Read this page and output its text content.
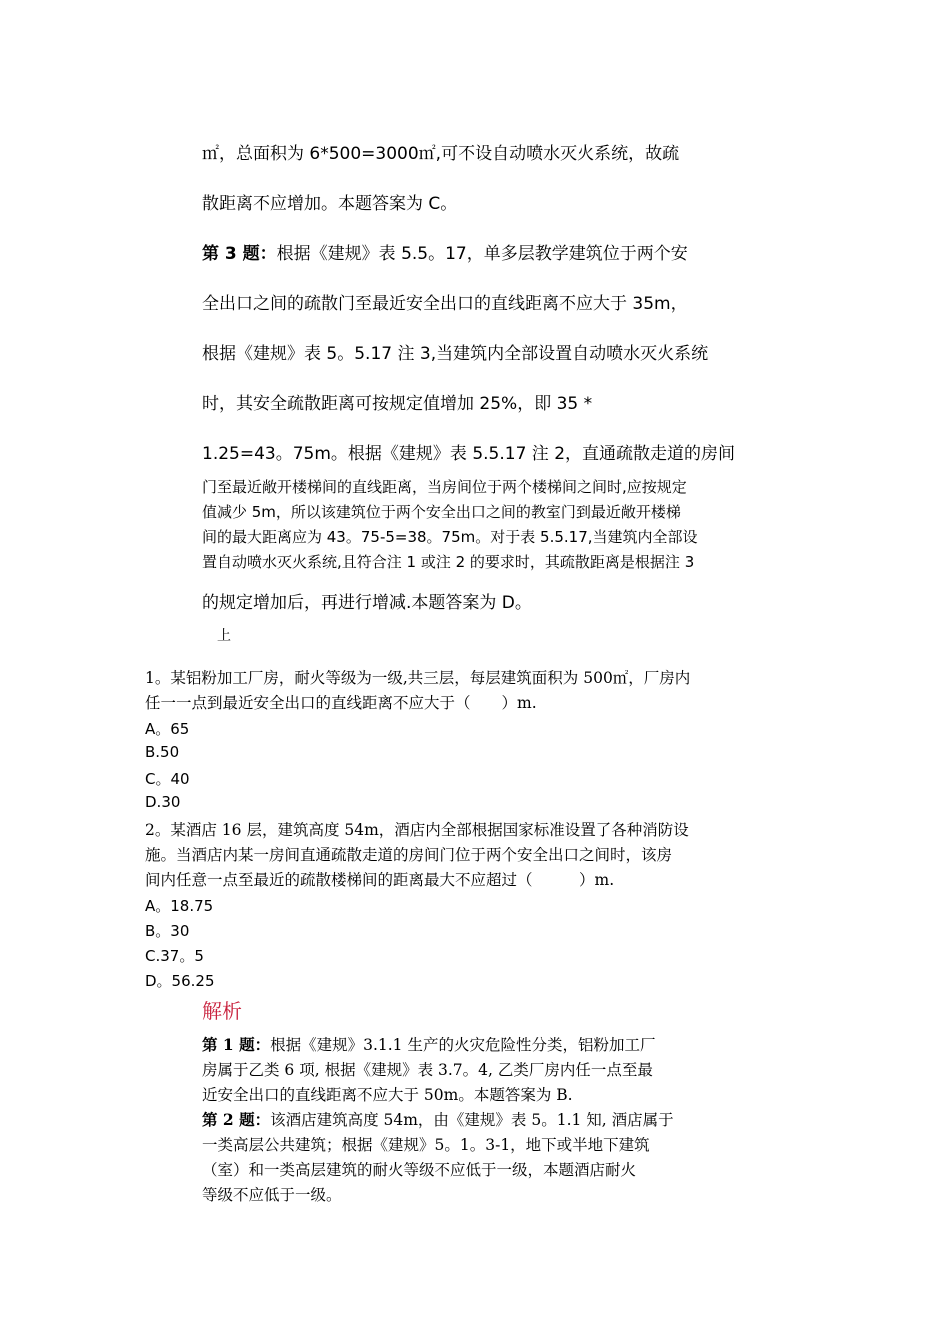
㎡，总面积为 6*500=3000㎡,可不设自动喷水灭火系统，故疏
散距离不应增加。本题答案为 C。
第 3 题：根据《建规》表 5.5。17，单多层教学建筑位于两个安
全出口之间的疏散门至最近安全出口的直线距离不应大于 35m，
根据《建规》表 5。5.17 注 3,当建筑内全部设置自动喷水灭火系统
时，其安全疏散距离可按规定值增加 25%，即 35 *
1.25=43。75m。根据《建规》表 5.5.17 注 2，直通疏散走道的房间
门至最近敞开楼梯间的直线距离，当房间位于两个楼梯间之间时,应按规定
值减少 5m，所以该建筑位于两个安全出口之间的教室门到最近敞开楼梯
间的最大距离应为 43。75-5=38。75m。对于表 5.5.17,当建筑内全部设
置自动喷水灭火系统,且符合注 1 或注 2 的要求时，其疏散距离是根据注 3
的规定增加后，再进行增减.本题答案为 D。
上
1。某铝粉加工厂房，耐火等级为一级,共三层，每层建筑面积为 500㎡，厂房内
任一一点到最近安全出口的直线距离不应大于（　　）m.
A。65
B.50
C。40
D.30
2。某酒店 16 层，建筑高度 54m，酒店内全部根据国家标准设置了各种消防设
施。当酒店内某一房间直通疏散走道的房间门位于两个安全出口之间时，该房
间内任意一点至最近的疏散楼梯间的距离最大不应超过（　　　）m.
A。18.75
B。30
C.37。5
D。56.25
解析
第 1 题：根据《建规》3.1.1 生产的火灾危险性分类，铝粉加工厂
房属于乙类 6 项, 根据《建规》表 3.7。4, 乙类厂房内任一点至最
近安全出口的直线距离不应大于 50m。本题答案为 B.
第 2 题：该酒店建筑高度 54m，由《建规》表 5。1.1 知, 酒店属于
一类高层公共建筑；根据《建规》5。1。3-1，地下或半地下建筑
（室）和一类高层建筑的耐火等级不应低于一级，本题酒店耐火
等级不应低于一级。
